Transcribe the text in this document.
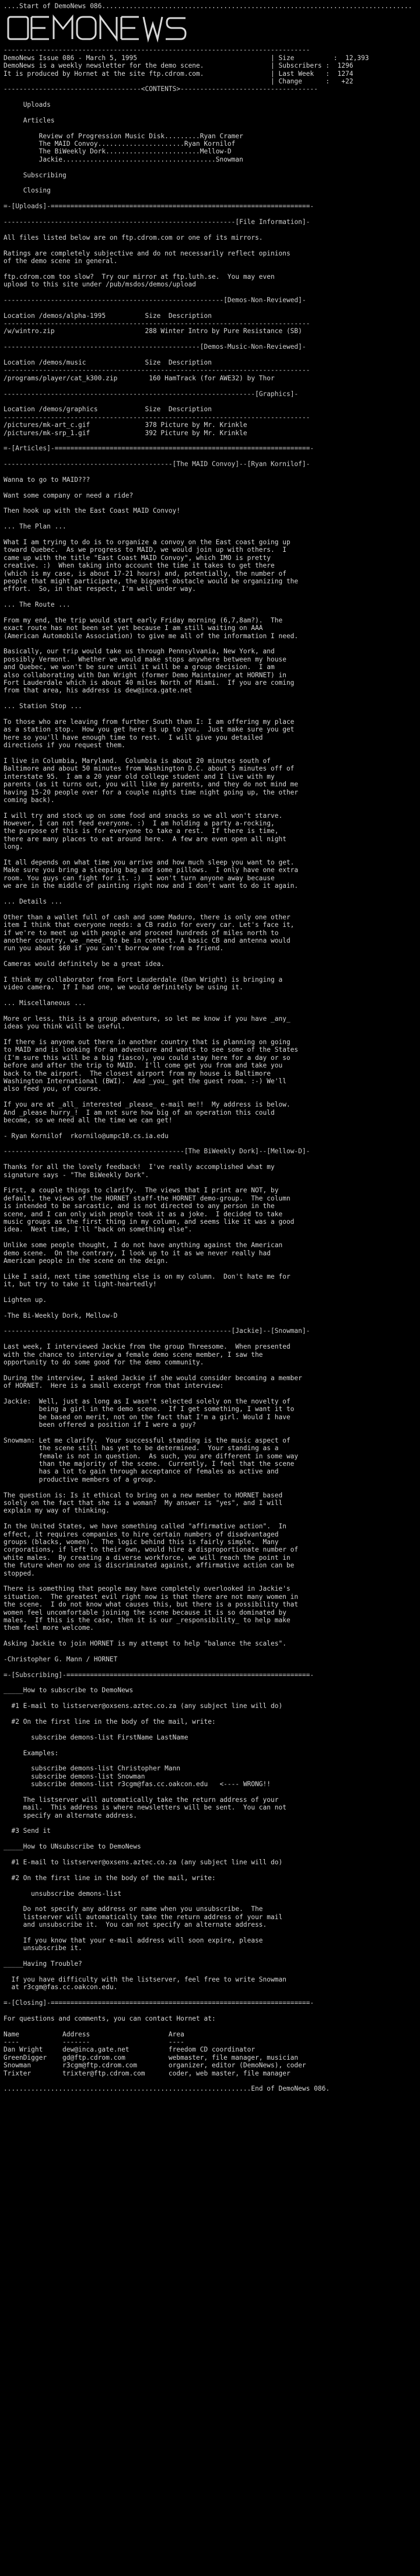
....Start of DemoNews 086...............................................................................
DEMONEWS
------------------------------------------------------------------------------
DemoNews Issue 086 - March 5, 1995
DemoNews is a weekly newsletter for the demo scene.
It is produced by Hornet at the site ftp.cdrom.com.

| Size          :  12,393
| Subscribers :  1296
| Last Week   :  1274
| Change      :   +22
-----------------------------------<CONTENTS>-----------------------------------

Uploads

Articles

Review of Progression Music Disk.........Ryan Cramer
The MAID Convoy......................Ryan Kornilof
The BiWeekly Dork........................Mellow-D
Jackie.......................................Snowman

Subscribing

Closing

=-[Uploads]-==================================================================-

-----------------------------------------------------------[File Information]-

All files listed below are on ftp.cdrom.com or one of its mirrors.

Ratings are completely subjective and do not necessarily reflect opinions
of the demo scene in general.

ftp.cdrom.com too slow?  Try our mirror at ftp.luth.se.  You may even
upload to this site under /pub/msdos/demos/upload

--------------------------------------------------------[Demos-Non-Reviewed]-

Location /demos/alpha-1995          Size  Description
------------------------------------------------------------------------------
/w/wintro.zip                       288 Winter Intro by Pure Resistance (SB)

--------------------------------------------------[Demos-Music-Non-Reviewed]-

Location /demos/music               Size  Description
------------------------------------------------------------------------------
/programs/player/cat_k300.zip        160 HamTrack (for AWE32) by Thor

----------------------------------------------------------------[Graphics]-

Location /demos/graphics            Size  Description
------------------------------------------------------------------------------
/pictures/mk-art_c.gif              378 Picture by Mr. Krinkle
/pictures/mk-srp_1.gif              392 Picture by Mr. Krinkle

=-[Articles]-=================================================================-

-------------------------------------------[The MAID Convoy]--[Ryan Kornilof]-

Wanna to go to MAID???

Want some company or need a ride?

Then hook up with the East Coast MAID Convoy!

... The Plan ...

What I am trying to do is to organize a convoy on the East coast going up
toward Quebec.  As we progress to MAID, we would join up with others.  I
came up with the title "East Coast MAID Convoy", which IMO is pretty
creative. :)  When taking into account the time it takes to get there
(which is my case, is about 17-21 hours) and, potentially, the number of
people that might participate, the biggest obstacle would be organizing the
effort.  So, in that respect, I'm well under way.

... The Route ...

From my end, the trip would start early Friday morning (6,7,8am?).  The
exact route has not been set yet because I am still waiting on AAA
(American Automobile Association) to give me all of the information I need.

Basically, our trip would take us through Pennsylvania, New York, and
possibly Vermont.  Whether we would make stops anywhere between my house
and Quebec, we won't be sure until it will be a group decision.  I am
also collaborating with Dan Wright (former Demo Maintainer at HORNET) in
Fort Lauderdale which is about 40 miles North of Miami.  If you are coming
from that area, his address is dew@inca.gate.net

... Station Stop ...

To those who are leaving from further South than I: I am offering my place
as a station stop.  How you get here is up to you.  Just make sure you get
here so you'll have enough time to rest.  I will give you detailed
directions if you request them.

I live in Columbia, Maryland.  Columbia is about 20 minutes south of
Baltimore and about 50 minutes from Washington D.C. about 5 minutes off of
interstate 95.  I am a 20 year old college student and I live with my
parents (as it turns out, you will like my parents, and they do not mind me
having 15-20 people over for a couple nights time night going up, the other
coming back).

I will try and stock up on some food and snacks so we all won't starve.
However, I can not feed everyone. :)  I am holding a party a-rocking,
the purpose of this is for everyone to take a rest.  If there is time,
there are many places to eat around here.  A few are even open all night
long.

It all depends on what time you arrive and how much sleep you want to get.
Make sure you bring a sleeping bag and some pillows.  I only have one extra
room. You guys can fight for it. :)  I won't turn anyone away because
we are in the middle of painting right now and I don't want to do it again.

... Details ...

Other than a wallet full of cash and some Maduro, there is only one other
item I think that everyone needs: a CB radio for every car. Let's face it,
if we're to meet up with people and proceed hundreds of miles north to
another country, we _need_ to be in contact. A basic CB and antenna would
run you about $60 if you can't borrow one from a friend.

Cameras would definitely be a great idea.

I think my collaborator from Fort Lauderdale (Dan Wright) is bringing a
video camera.  If I had one, we would definitely be using it.

... Miscellaneous ...

More or less, this is a group adventure, so let me know if you have _any_
ideas you think will be useful.

If there is anyone out there in another country that is planning on going
to MAID and is looking for an adventure and wants to see some of the States
(I'm sure this will be a big fiasco), you could stay here for a day or so
before and after the trip to MAID.  I'll come get you from and take you
back to the airport.  The closest airport from my house is Baltimore
Washington International (BWI).  And _you_ get the guest room. :-) We'll
also feed you, of course.

If you are at _all_ interested _please_ e-mail me!!  My address is below.
And _please hurry_!  I am not sure how big of an operation this could
become, so we need all the time we can get!

- Ryan Kornilof  rkornilo@umpc10.cs.ia.edu

----------------------------------------------[The BiWeekly Dork]--[Mellow-D]-

Thanks for all the lovely feedback!  I've really accomplished what my
signature says - "The BiWeekly Dork".

First, a couple things to clarify.  The views that I print are NOT, by
default, the views of the HORNET staff-the HORNET demo-group.  The column
is intended to be sarcastic, and is not directed to any person in the
scene, and I can only wish people took it as a joke.  I decided to take
music groups as the first thing in my column, and seems like it was a good
idea.  Next time, I'll "back on something else".

Unlike some people thought, I do not have anything against the American
demo scene.  On the contrary, I look up to it as we never really had
American people in the scene on the deign.

Like I said, next time something else is on my column.  Don't hate me for
it, but try to take it light-heartedly!

Lighten up.

-The Bi-Weekly Dork, Mellow-D

----------------------------------------------------------[Jackie]--[Snowman]-

Last week, I interviewed Jackie from the group Threesome.  When presented
with the chance to interview a female demo scene member, I saw the
opportunity to do some good for the demo community.

During the interview, I asked Jackie if she would consider becoming a member
of HORNET.  Here is a small excerpt from that interview:

Jackie:  Well, just as long as I wasn't selected solely on the novelty of
being a girl in the demo scene.  If I get something, I want it to
be based on merit, not on the fact that I'm a girl. Would I have
been offered a position if I were a guy?

Snowman: Let me clarify.  Your successful standing is the music aspect of
the scene still has yet to be determined.  Your standing as a
female is not in question.  As such, you are different in some way
than the majority of the scene.  Currently, I feel that the scene
has a lot to gain through acceptance of females as active and
productive members of a group.

The question is: Is it ethical to bring on a new member to HORNET based
solely on the fact that she is a woman?  My answer is "yes", and I will
explain my way of thinking.

In the United States, we have something called "affirmative action".  In
effect, it requires companies to hire certain numbers of disadvantaged
groups (blacks, women).  The logic behind this is fairly simple.  Many
corporations, if left to their own, would hire a disproportionate number of
white males.  By creating a diverse workforce, we will reach the point in
the future when no one is discriminated against, affirmative action can be
stopped.

There is something that people may have completely overlooked in Jackie's
situation.  The greatest evil right now is that there are not many women in
the scene.  I do not know what causes this, but there is a possibility that
women feel uncomfortable joining the scene because it is so dominated by
males.  If this is the case, then it is our _responsibility_ to help make
them feel more welcome.

Asking Jackie to join HORNET is my attempt to help "balance the scales".

-Christopher G. Mann / HORNET

=-[Subscribing]-==============================================================-

_____How to subscribe to DemoNews

#1 E-mail to listserver@oxsens.aztec.co.za (any subject line will do)

#2 On the first line in the body of the mail, write:

subscribe demons-list FirstName LastName

Examples:

subscribe demons-list Christopher Mann
subscribe demons-list Snowman
subscribe demons-list r3cgm@fas.cc.oakcon.edu   <---- WRONG!!

The listserver will automatically take the return address of your
mail.  This address is where newsletters will be sent.  You can not
specify an alternate address.

#3 Send it

_____How to UNsubscribe to DemoNews

#1 E-mail to listserver@oxsens.aztec.co.za (any subject line will do)

#2 On the first line in the body of the mail, write:

unsubscribe demons-list

Do not specify any address or name when you unsubscribe.  The
listserver will automatically take the return address of your mail
and unsubscribe it.  You can not specify an alternate address.

If you know that your e-mail address will soon expire, please
unsubscribe it.

_____Having Trouble?

If you have difficulty with the listserver, feel free to write Snowman
at r3cgm@fas.cc.oakcon.edu.

=-[Closing]-==================================================================-

For questions and comments, you can contact Hornet at:

Name           Address                    Area
----           -------                    ----
Dan Wright     dew@inca.gate.net          freedom CD coordinator
GreenDigger    gd@ftp.cdrom.com           webmaster, file manager, musician
Snowman        r3cgm@ftp.cdrom.com        organizer, editor (DemoNews), coder
Trixter        trixter@ftp.cdrom.com      coder, web master, file manager

...............................................................End of DemoNews 086.
